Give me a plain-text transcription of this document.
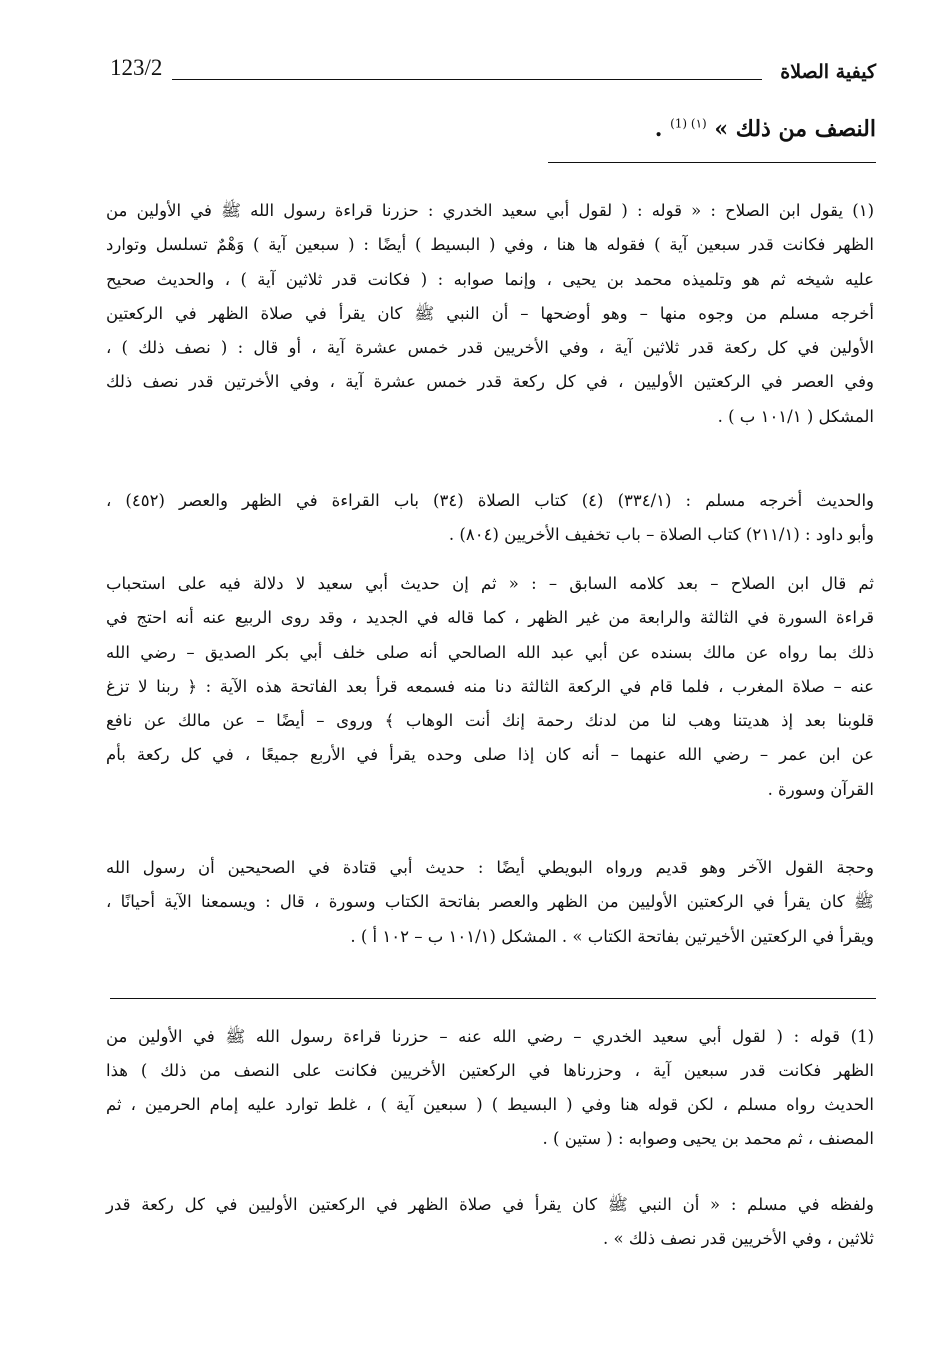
كيفية الصلاة
123/2
النصف من ذلك » $^{(١) (1)}$ .
(١) يقول ابن الصلاح : « قوله : ( لقول أبي سعيد الخدري : حزرنا قراءة رسول الله ﷺ في الأولين من
الظهر فكانت قدر سبعين آية ) فقوله ها هنا ، وفي ( البسيط ) أيضًا : ( سبعين آية ) وَهْمٌ تسلسل وتوارد
عليه شيخه ثم هو وتلميذه محمد بن يحيى ، وإنما صوابه : ( فكانت قدر ثلاثين آية ) ، والحديث صحيح
أخرجه مسلم من وجوه منها – وهو أوضحها – أن النبي ﷺ كان يقرأ في صلاة الظهر في الركعتين
الأولين في كل ركعة قدر ثلاثين آية ، وفي الأخريين قدر خمس عشرة آية ، أو قال : ( نصف ذلك ) ،
وفي العصر في الركعتين الأوليين ، في كل ركعة قدر خمس عشرة آية ، وفي الأخرتين قدر نصف ذلك
المشكل ( ١٠١/١ ب ) .
والحديث أخرجه مسلم : (٣٣٤/١) (٤) كتاب الصلاة (٣٤) باب القراءة في الظهر والعصر (٤٥٢) ،
وأبو داود : (٢١١/١) كتاب الصلاة – باب تخفيف الأخريين (٨٠٤) .
ثم قال ابن الصلاح – بعد كلامه السابق – : « ثم إن حديث أبي سعيد لا دلالة فيه على استحباب
قراءة السورة في الثالثة والرابعة من غير الظهر ، كما قاله في الجديد ، وقد روى الربيع عنه أنه احتج في
ذلك بما رواه عن مالك بسنده عن أبي عبد الله الصالحي أنه صلى خلف أبي بكر الصديق – رضي الله
عنه – صلاة المغرب ، فلما قام في الركعة الثالثة دنا منه فسمعه قرأ بعد الفاتحة هذه الآية : ﴿ ربنا لا تزغ
قلوبنا بعد إذ هديتنا وهب لنا من لدنك رحمة إنك أنت الوهاب ﴾ وروى – أيضًا – عن مالك عن نافع
عن ابن عمر – رضي الله عنهما – أنه كان إذا صلى وحده يقرأ في الأربع جميعًا ، في كل ركعة بأم
القرآن وسورة .
وحجة القول الآخر وهو قديم ورواه البويطي أيضًا : حديث أبي قتادة في الصحيحين أن رسول الله
ﷺ كان يقرأ في الركعتين الأوليين من الظهر والعصر بفاتحة الكتاب وسورة ، قال : ويسمعنا الآية أحيانًا ،
ويقرأ في الركعتين الأخيرتين بفاتحة الكتاب » . المشكل (١٠١/١ ب – ١٠٢ أ ) .
(1) قوله : ( لقول أبي سعيد الخدري – رضي الله عنه – حزرنا قراءة رسول الله ﷺ في الأولين من
الظهر فكانت قدر سبعين آية ، وحزرناها في الركعتين الأخريين فكانت على النصف من ذلك ) هذا
الحديث رواه مسلم ، لكن قوله هنا وفي ( البسيط ) ( سبعين آية ) ، غلط توارد عليه إمام الحرمين ، ثم
المصنف ، ثم محمد بن يحيى وصوابه : ( ستين ) .
ولفظه في مسلم : « أن النبي ﷺ كان يقرأ في صلاة الظهر في الركعتين الأوليين في كل ركعة قدر
ثلاثين ، وفي الأخريين قدر نصف ذلك » .
